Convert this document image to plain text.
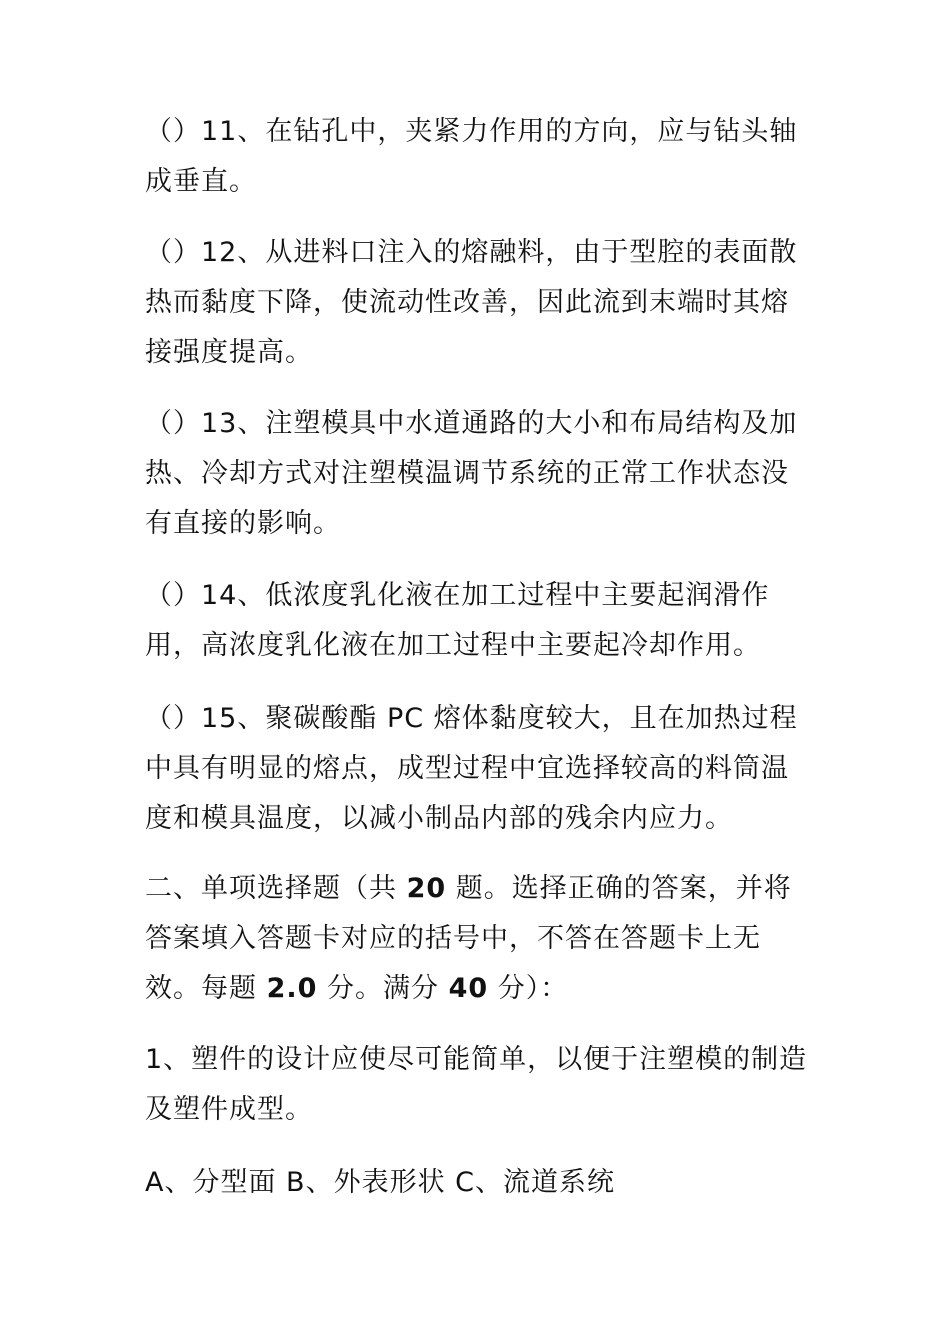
（）11、在钻孔中，夹紧力作用的方向，应与钻头轴
成垂直。
（）12、从进料口注入的熔融料，由于型腔的表面散
热而黏度下降，使流动性改善，因此流到末端时其熔
接强度提高。
（）13、注塑模具中水道通路的大小和布局结构及加
热、冷却方式对注塑模温调节系统的正常工作状态没
有直接的影响。
（）14、低浓度乳化液在加工过程中主要起润滑作
用，高浓度乳化液在加工过程中主要起冷却作用。
（）15、聚碳酸酯 PC 熔体黏度较大，且在加热过程
中具有明显的熔点，成型过程中宜选择较高的料筒温
度和模具温度，以减小制品内部的残余内应力。
二、单项选择题（共 20 题。选择正确的答案，并将
答案填入答题卡对应的括号中，不答在答题卡上无
效。每题 2.0 分。满分 40 分）：
1、塑件的设计应使尽可能简单，以便于注塑模的制造
及塑件成型。
A、分型面 B、外表形状 C、流道系统
